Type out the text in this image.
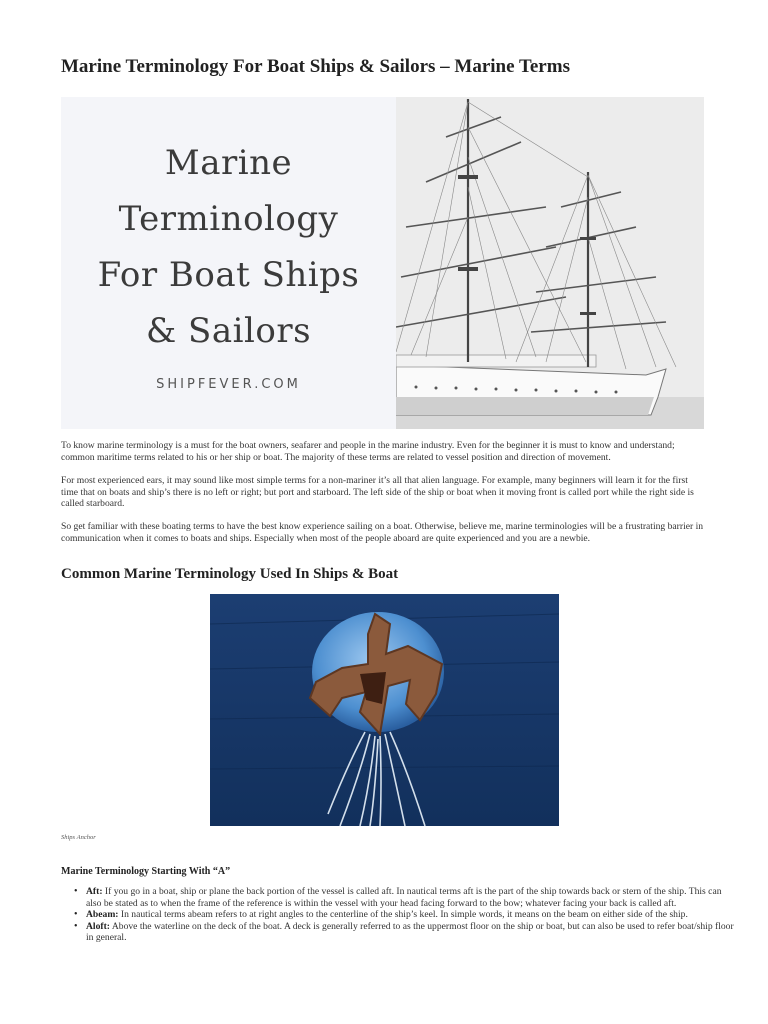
Marine Terminology For Boat Ships & Sailors – Marine Terms
Marine
Terminology
For Boat Ships
& Sailors
SHIPFEVER.COM

To know marine terminology is a must for the boat owners, seafarer and people in the marine industry. Even for the beginner it is must to know and understand; common maritime terms related to his or her ship or boat. The majority of these terms are related to vessel position and direction of movement.

For most experienced ears, it may sound like most simple terms for a non-mariner it’s all that alien language. For example, many beginners will learn it for the first time that on boats and ship’s there is no left or right; but port and starboard. The left side of the ship or boat when it moving front is called port while the right side is called starboard.

So get familiar with these boating terms to have the best know experience sailing on a boat. Otherwise, believe me, marine terminologies will be a frustrating barrier in communication when it comes to boats and ships. Especially when most of the people aboard are quite experienced and you are a newbie.

Common Marine Terminology Used In Ships & Boat
Ships Anchor
Marine Terminology Starting With “A”
• Aft: If you go in a boat, ship or plane the back portion of the vessel is called aft. In nautical terms aft is the part of the ship towards back or stern of the ship. This can also be stated as to when the frame of the reference is within the vessel with your head facing forward to the bow; whatever facing your back is called aft.
• Abeam: In nautical terms abeam refers to at right angles to the centerline of the ship’s keel. In simple words, it means on the beam on either side of the ship.
• Aloft: Above the waterline on the deck of the boat. A deck is generally referred to as the uppermost floor on the ship or boat, but can also be used to refer boat/ship floor in general.
